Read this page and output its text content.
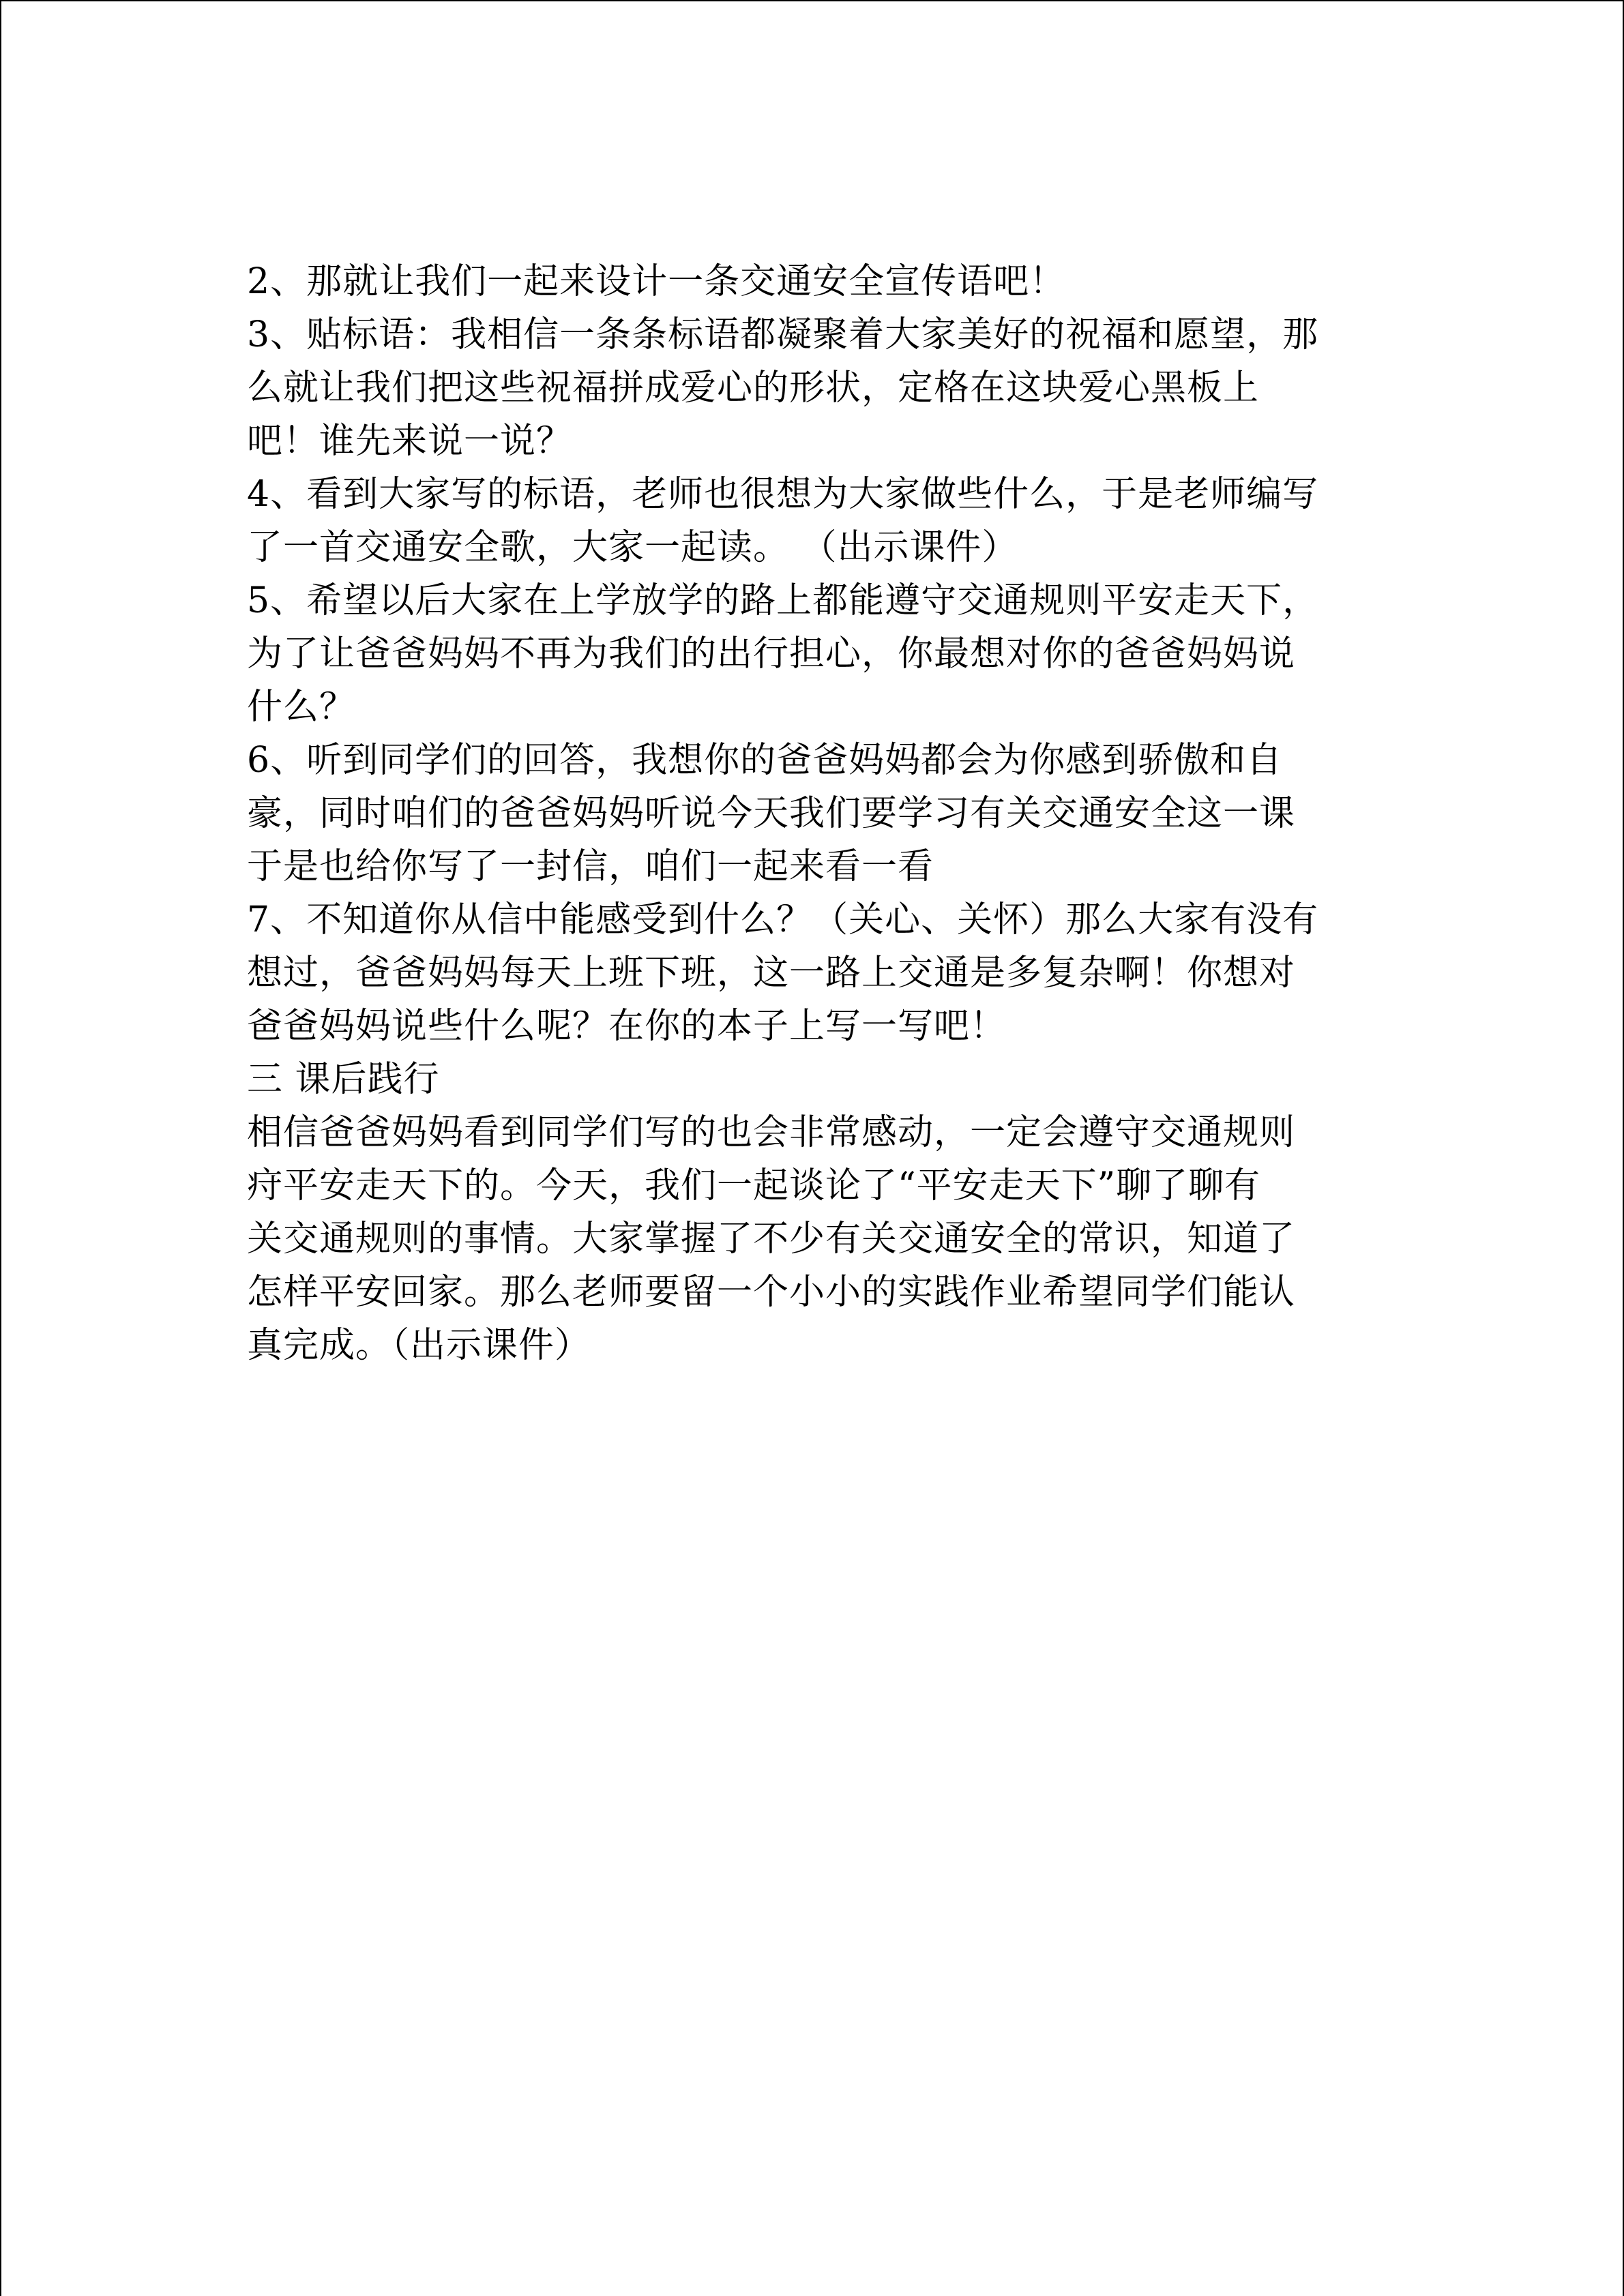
2、那就让我们一起来设计一条交通安全宣传语吧！
3、贴标语：我相信一条条标语都凝聚着大家美好的祝福和愿望，那
么就让我们把这些祝福拼成爱心的形状，定格在这块爱心黑板上
吧！谁先来说一说？
4、看到大家写的标语，老师也很想为大家做些什么，于是老师编写
了一首交通安全歌，大家一起读。 （出示课件）
5、希望以后大家在上学放学的路上都能遵守交通规则平安走天下，
为了让爸爸妈妈不再为我们的出行担心，你最想对你的爸爸妈妈说
什么？
6、听到同学们的回答，我想你的爸爸妈妈都会为你感到骄傲和自
豪，同时咱们的爸爸妈妈听说今天我们要学习有关交通安全这一课
于是也给你写了一封信，咱们一起来看一看
7、不知道你从信中能感受到什么？（关心、关怀）那么大家有没有
想过，爸爸妈妈每天上班下班，这一路上交通是多复杂啊！你想对
爸爸妈妈说些什么呢？在你的本子上写一写吧！
三 课后践行
相信爸爸妈妈看到同学们写的也会非常感动，一定会遵守交通规则
疛平安走天下的。今天，我们一起谈论了“平安走天下”聊了聊有
关交通规则的事情。大家掌握了不少有关交通安全的常识，知道了
怎样平安回家。那么老师要留一个小小的实践作业希望同学们能认
真完成。（出示课件）
